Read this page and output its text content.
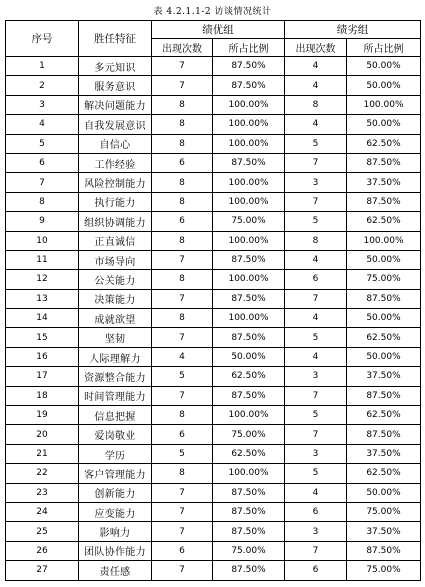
表 4.2.1.1-2 访谈情况统计
序号	胜任特征	绩优组		绩劣组	
		出现次数	所占比例	出现次数	所占比例
1	多元知识	7	87.50%	4	50.00%
2	服务意识	7	87.50%	4	50.00%
3	解决问题能力	8	100.00%	8	100.00%
4	自我发展意识	8	100.00%	4	50.00%
5	自信心	8	100.00%	5	62.50%
6	工作经验	6	87.50%	7	87.50%
7	风险控制能力	8	100.00%	3	37.50%
8	执行能力	8	100.00%	7	87.50%
9	组织协调能力	6	75.00%	5	62.50%
10	正直诚信	8	100.00%	8	100.00%
11	市场导向	7	87.50%	4	50.00%
12	公关能力	8	100.00%	6	75.00%
13	决策能力	7	87.50%	7	87.50%
14	成就欲望	8	100.00%	4	50.00%
15	坚韧	7	87.50%	5	62.50%
16	人际理解力	4	50.00%	4	50.00%
17	资源整合能力	5	62.50%	3	37.50%
18	时间管理能力	7	87.50%	7	87.50%
19	信息把握	8	100.00%	5	62.50%
20	爱岗敬业	6	75.00%	7	87.50%
21	学历	5	62.50%	3	37.50%
22	客户管理能力	8	100.00%	5	62.50%
23	创新能力	7	87.50%	4	50.00%
24	应变能力	7	87.50%	6	75.00%
25	影响力	7	87.50%	3	37.50%
26	团队协作能力	6	75.00%	7	87.50%
27	责任感	7	87.50%	6	75.00%
